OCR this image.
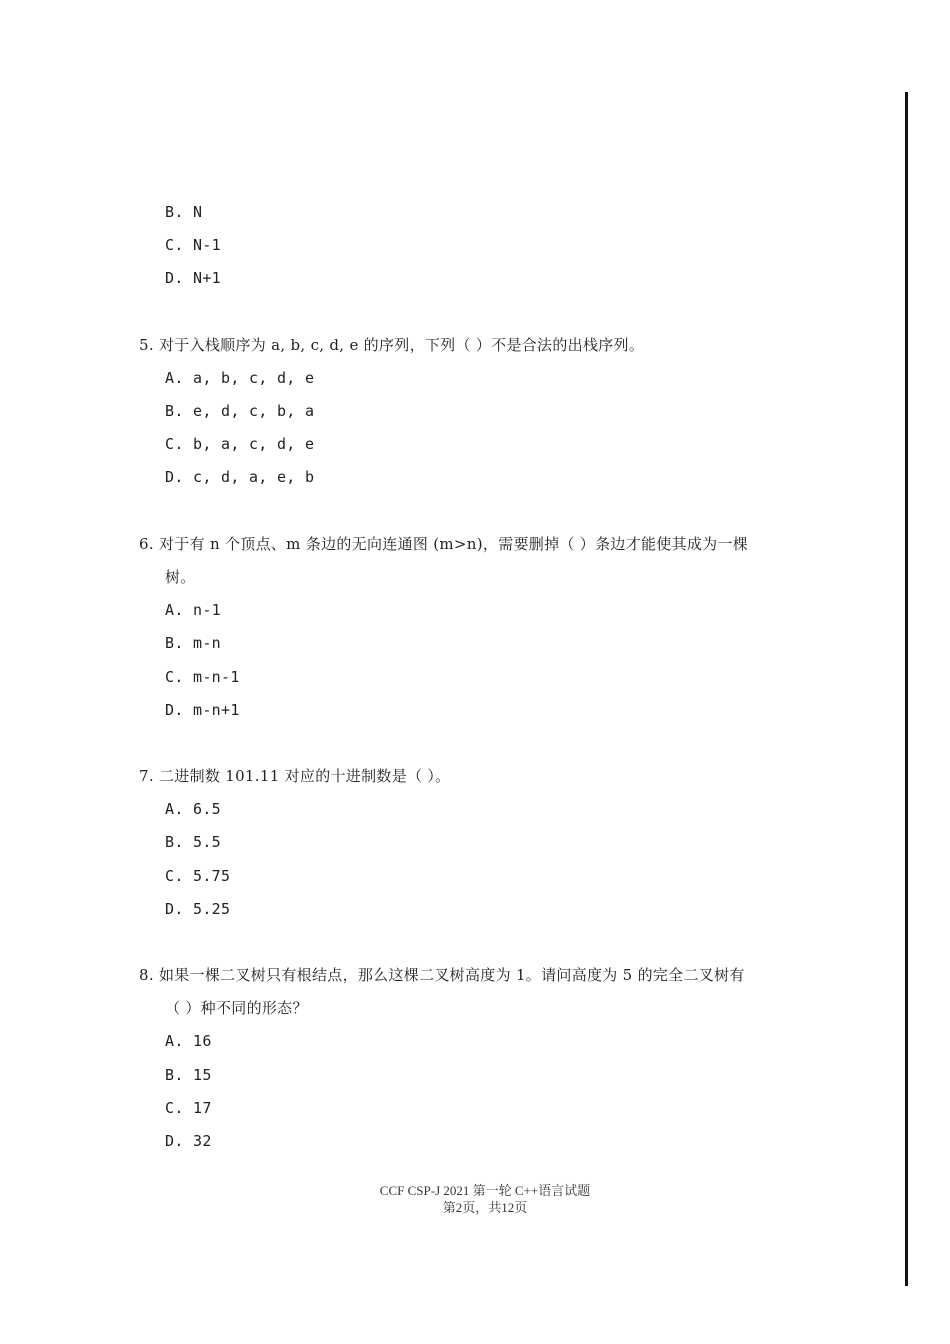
B. N
C. N-1
D. N+1
5. 对于入栈顺序为 a, b, c, d, e 的序列，下列（ ）不是合法的出栈序列。
A. a, b, c, d, e
B. e, d, c, b, a
C. b, a, c, d, e
D. c, d, a, e, b
6. 对于有 n 个顶点、m 条边的无向连通图 (m>n)，需要删掉（ ）条边才能使其成为一棵
树。
A. n-1
B. m-n
C. m-n-1
D. m-n+1
7. 二进制数 101.11 对应的十进制数是（ ）。
A. 6.5
B. 5.5
C. 5.75
D. 5.25
8. 如果一棵二叉树只有根结点，那么这棵二叉树高度为 1。请问高度为 5 的完全二叉树有
（ ）种不同的形态？
A. 16
B. 15
C. 17
D. 32
CCF CSP-J 2021 第一轮 C++语言试题
第2页，共12页
